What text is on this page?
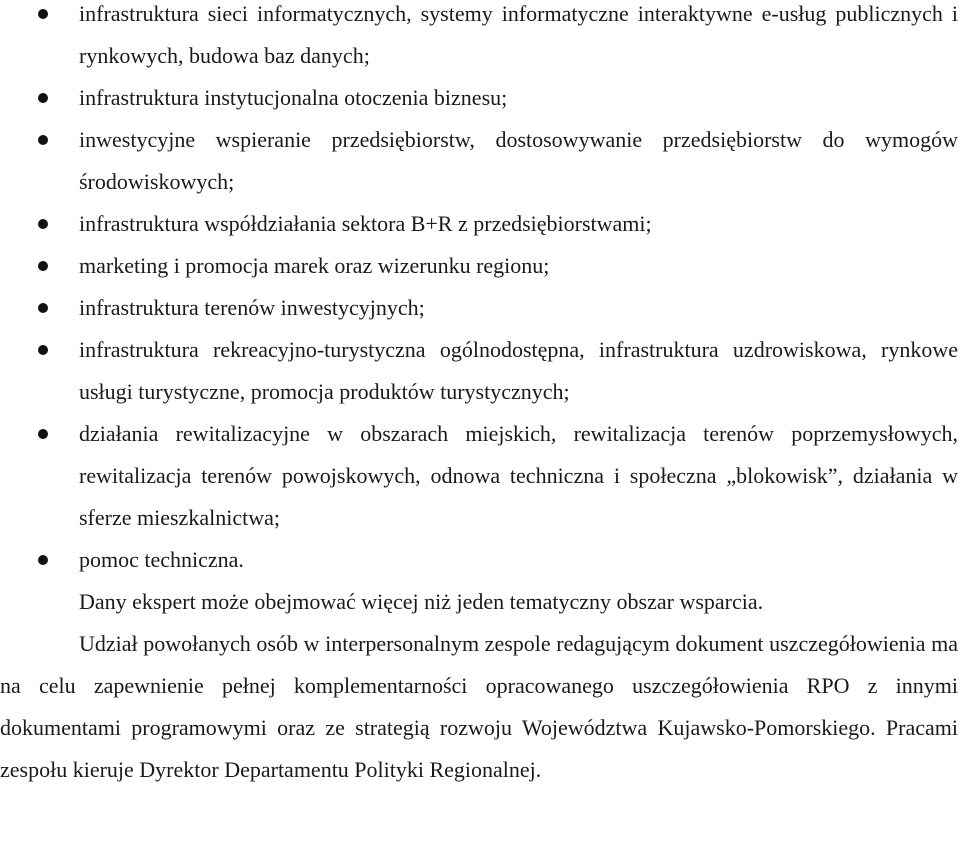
infrastruktura sieci informatycznych, systemy informatyczne interaktywne e-usług publicznych i rynkowych, budowa baz danych;
infrastruktura instytucjonalna otoczenia biznesu;
inwestycyjne wspieranie przedsiębiorstw, dostosowywanie przedsiębiorstw do wymogów środowiskowych;
infrastruktura współdziałania sektora B+R z przedsiębiorstwami;
marketing i promocja marek oraz wizerunku regionu;
infrastruktura terenów inwestycyjnych;
infrastruktura rekreacyjno-turystyczna ogólnodostępna, infrastruktura uzdrowiskowa, rynkowe usługi turystyczne, promocja produktów turystycznych;
działania rewitalizacyjne w obszarach miejskich, rewitalizacja terenów poprzemysłowych, rewitalizacja terenów powojskowych, odnowa techniczna i społeczna „blokowisk”, działania w sferze mieszkalnictwa;
pomoc techniczna.

Dany ekspert może obejmować więcej niż jeden tematyczny obszar wsparcia.

Udział powołanych osób w interpersonalnym zespole redagującym dokument uszczegółowienia ma na celu zapewnienie pełnej komplementarności opracowanego uszczegółowienia RPO z innymi dokumentami programowymi oraz ze strategią rozwoju Województwa Kujawsko-Pomorskiego. Pracami zespołu kieruje Dyrektor Departamentu Polityki Regionalnej.
